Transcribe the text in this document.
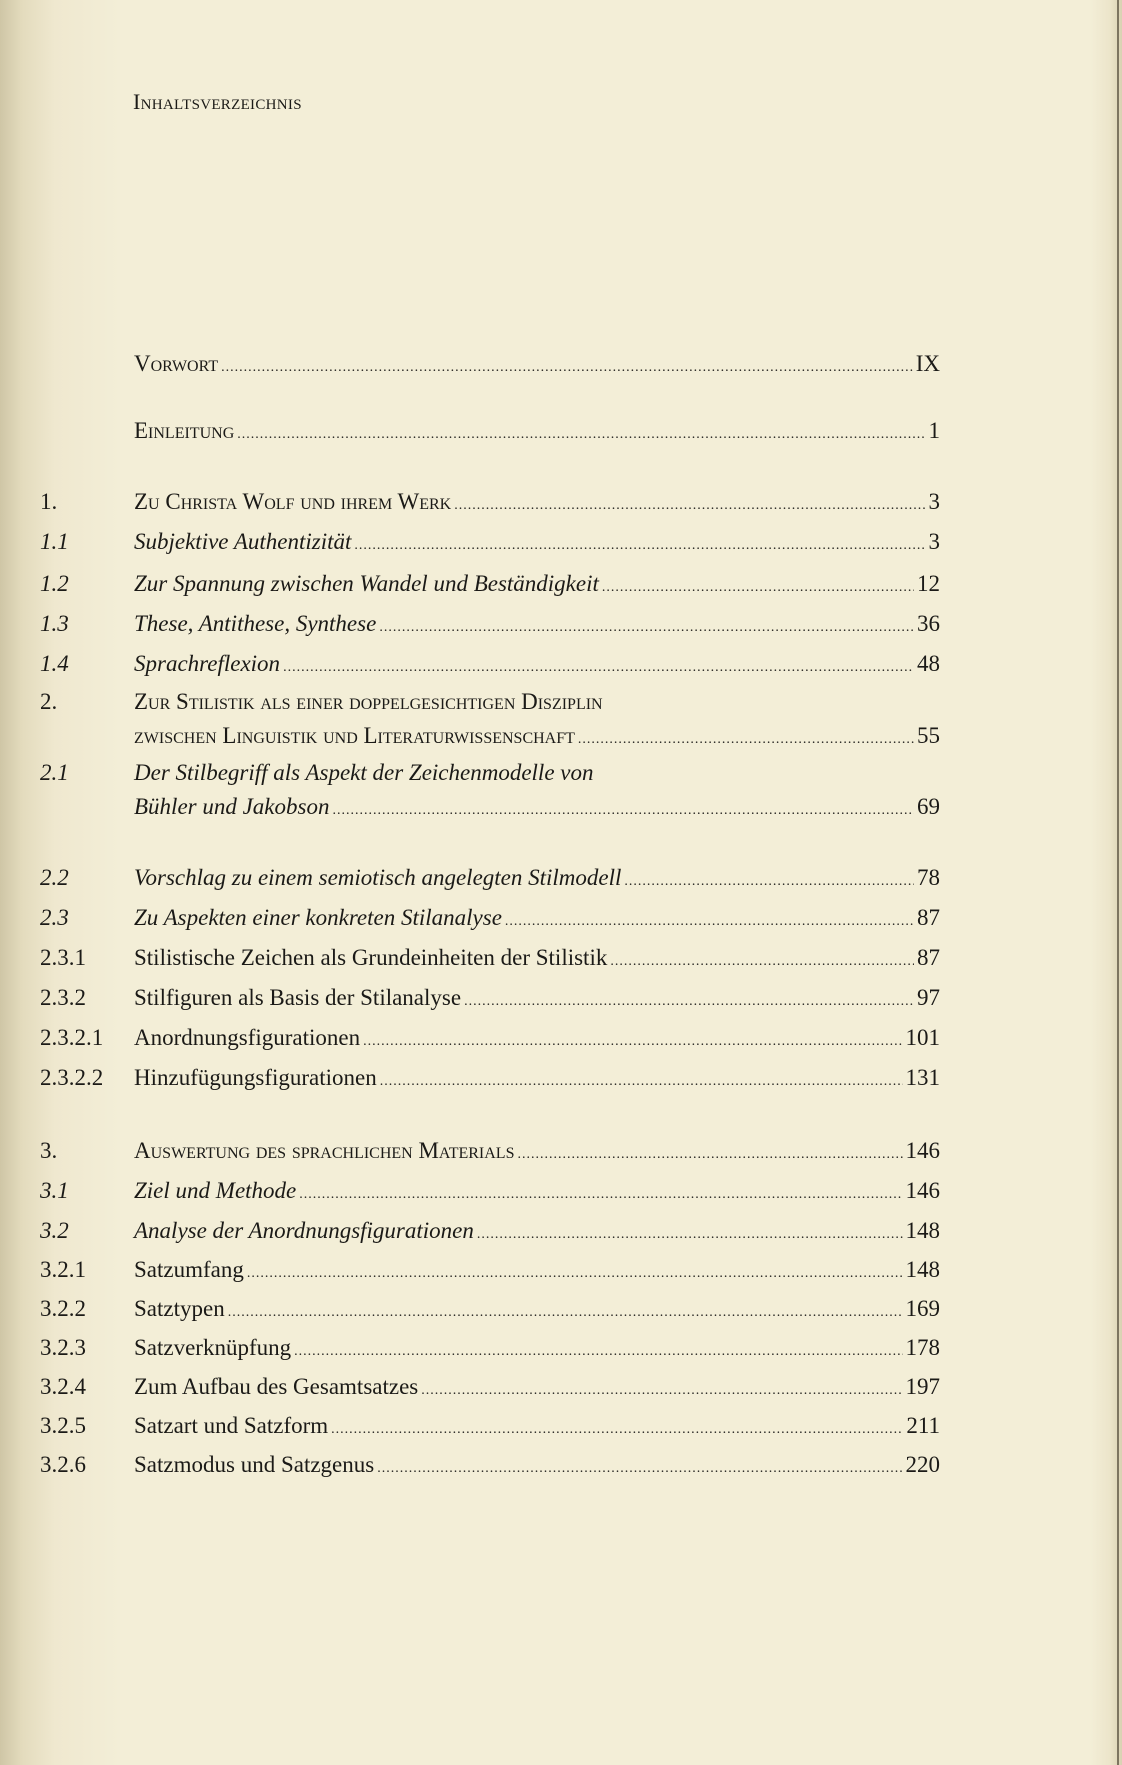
Inhaltsverzeichnis
Vorwort .....	IX
Einleitung .....	1
1.	Zu Christa Wolf und ihrem Werk .....	3
1.1	Subjektive Authentizität .....	3
1.2	Zur Spannung zwischen Wandel und Beständigkeit .....	12
1.3	These, Antithese, Synthese .....	36
1.4	Sprachreflexion .....	48
2.	Zur Stilistik als einer doppelgesichtigen Disziplin
zwischen Linguistik und Literaturwissenschaft .....	55
2.1	Der Stilbegriff als Aspekt der Zeichenmodelle von
Bühler und Jakobson .....	69
2.2	Vorschlag zu einem semiotisch angelegten Stilmodell .....	78
2.3	Zu Aspekten einer konkreten Stilanalyse .....	87
2.3.1	Stilistische Zeichen als Grundeinheiten der Stilistik .....	87
2.3.2	Stilfiguren als Basis der Stilanalyse .....	97
2.3.2.1	Anordnungsfigurationen .....	101
2.3.2.2	Hinzufügungsfigurationen .....	131
3.	Auswertung des sprachlichen Materials .....	146
3.1	Ziel und Methode .....	146
3.2	Analyse der Anordnungsfigurationen .....	148
3.2.1	Satzumfang .....	148
3.2.2	Satztypen .....	169
3.2.3	Satzverknüpfung .....	178
3.2.4	Zum Aufbau des Gesamtsatzes .....	197
3.2.5	Satzart und Satzform .....	211
3.2.6	Satzmodus und Satzgenus .....	220
